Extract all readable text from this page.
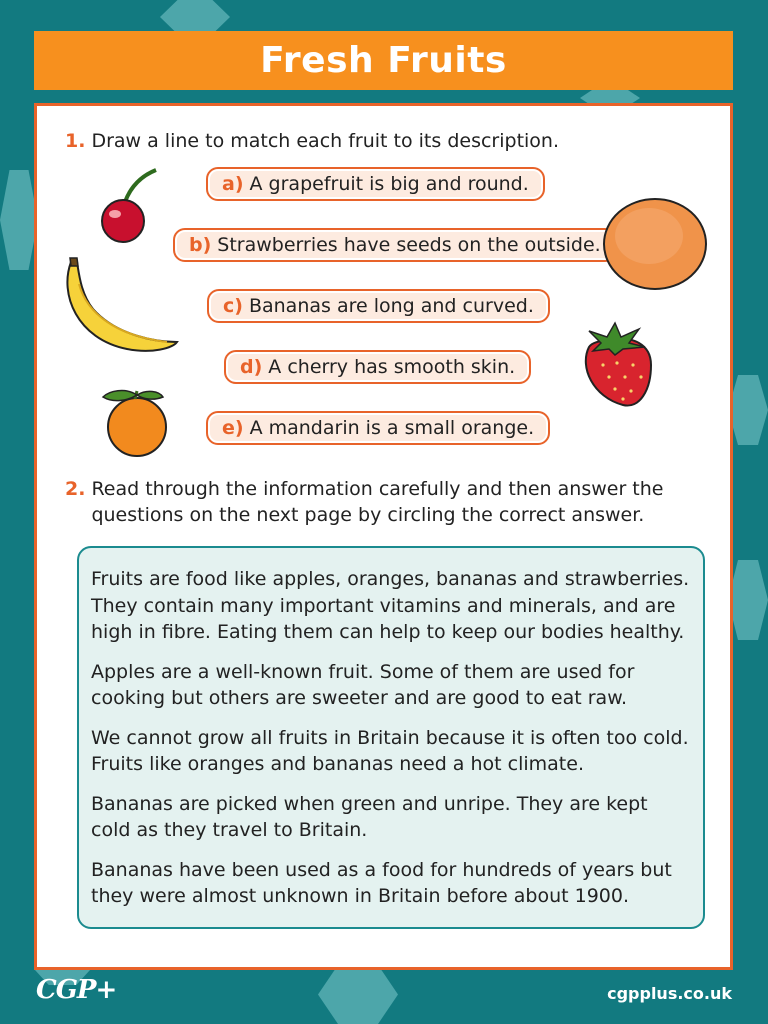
Fresh Fruits
1. Draw a line to match each fruit to its description.
a) A grapefruit is big and round.
b) Strawberries have seeds on the outside.
c) Bananas are long and curved.
d) A cherry has smooth skin.
e) A mandarin is a small orange.
2. Read through the information carefully and then answer the questions on the next page by circling the correct answer.

Fruits are food like apples, oranges, bananas and strawberries. They contain many important vitamins and minerals, and are high in fibre. Eating them can help to keep our bodies healthy.

Apples are a well-known fruit. Some of them are used for cooking but others are sweeter and are good to eat raw.

We cannot grow all fruits in Britain because it is often too cold. Fruits like oranges and bananas need a hot climate.

Bananas are picked when green and unripe. They are kept cold as they travel to Britain.

Bananas have been used as a food for hundreds of years but they were almost unknown in Britain before about 1900.

CGP+	cgpplus.co.uk
